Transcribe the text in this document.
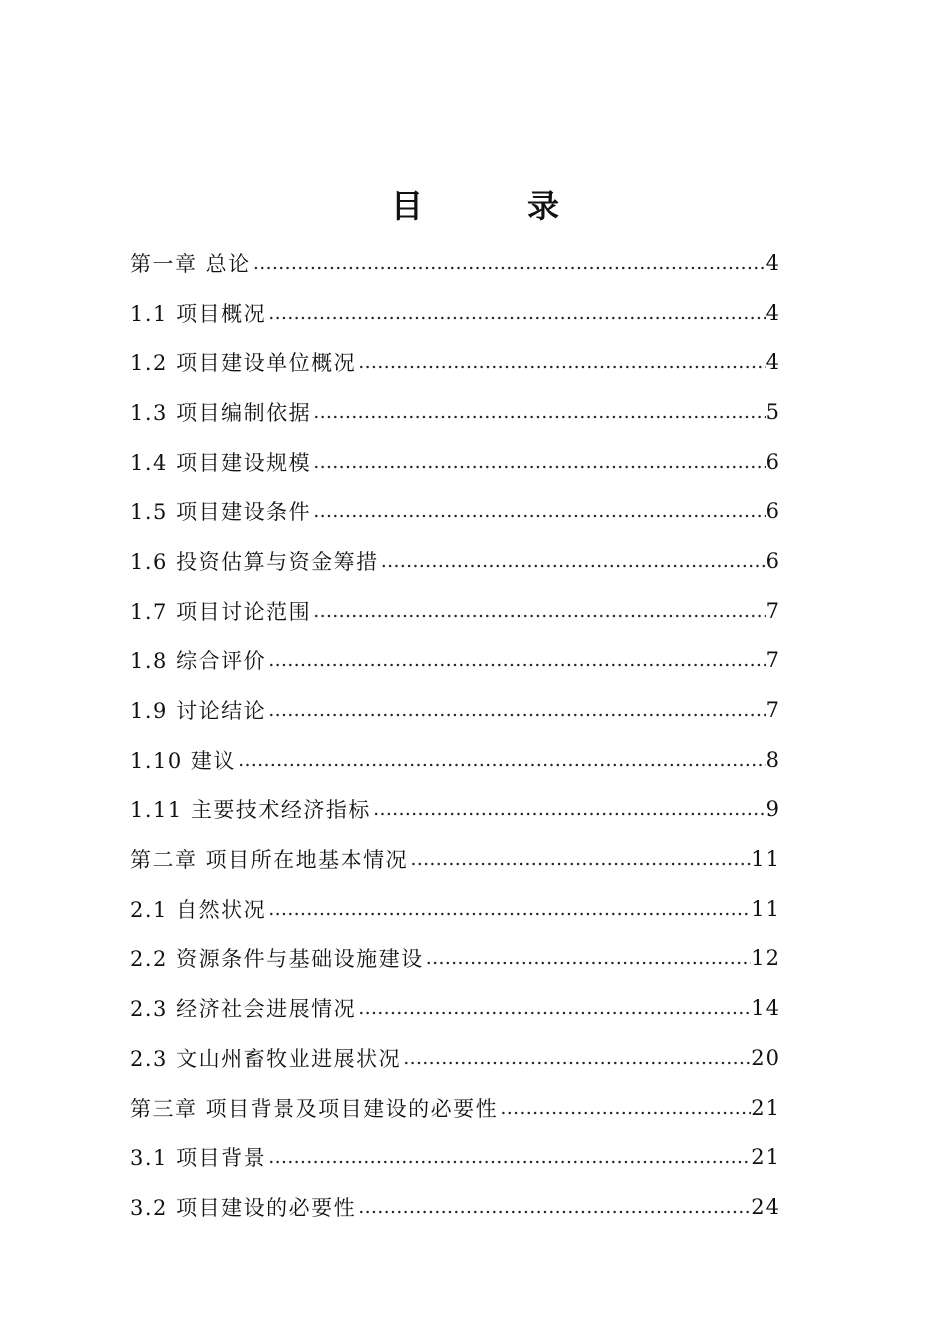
目　录
第一章 总论 ……………………………………………………………………………………………………………………………………	4
1.1 项目概况 ……………………………………………………………………………………………………………………………………	4
1.2 项目建设单位概况 ……………………………………………………………………………………………………………………………………	4
1.3 项目编制依据 ……………………………………………………………………………………………………………………………………	5
1.4 项目建设规模 ……………………………………………………………………………………………………………………………………	6
1.5 项目建设条件 ……………………………………………………………………………………………………………………………………	6
1.6 投资估算与资金筹措 ……………………………………………………………………………………………………………………………………	6
1.7 项目讨论范围 ……………………………………………………………………………………………………………………………………	7
1.8 综合评价 ……………………………………………………………………………………………………………………………………	7
1.9 讨论结论 ……………………………………………………………………………………………………………………………………	7
1.10 建议 ……………………………………………………………………………………………………………………………………	8
1.11 主要技术经济指标 ……………………………………………………………………………………………………………………………………	9
第二章 项目所在地基本情况 ……………………………………………………………………………………………………………………………………	11
2.1 自然状况 ……………………………………………………………………………………………………………………………………	11
2.2 资源条件与基础设施建设 ……………………………………………………………………………………………………………………………………	12
2.3 经济社会进展情况 ……………………………………………………………………………………………………………………………………	14
2.3 文山州畜牧业进展状况 ……………………………………………………………………………………………………………………………………	20
第三章 项目背景及项目建设的必要性 ……………………………………………………………………………………………………………………………………	21
3.1 项目背景 ……………………………………………………………………………………………………………………………………	21
3.2 项目建设的必要性 ……………………………………………………………………………………………………………………………………	24
